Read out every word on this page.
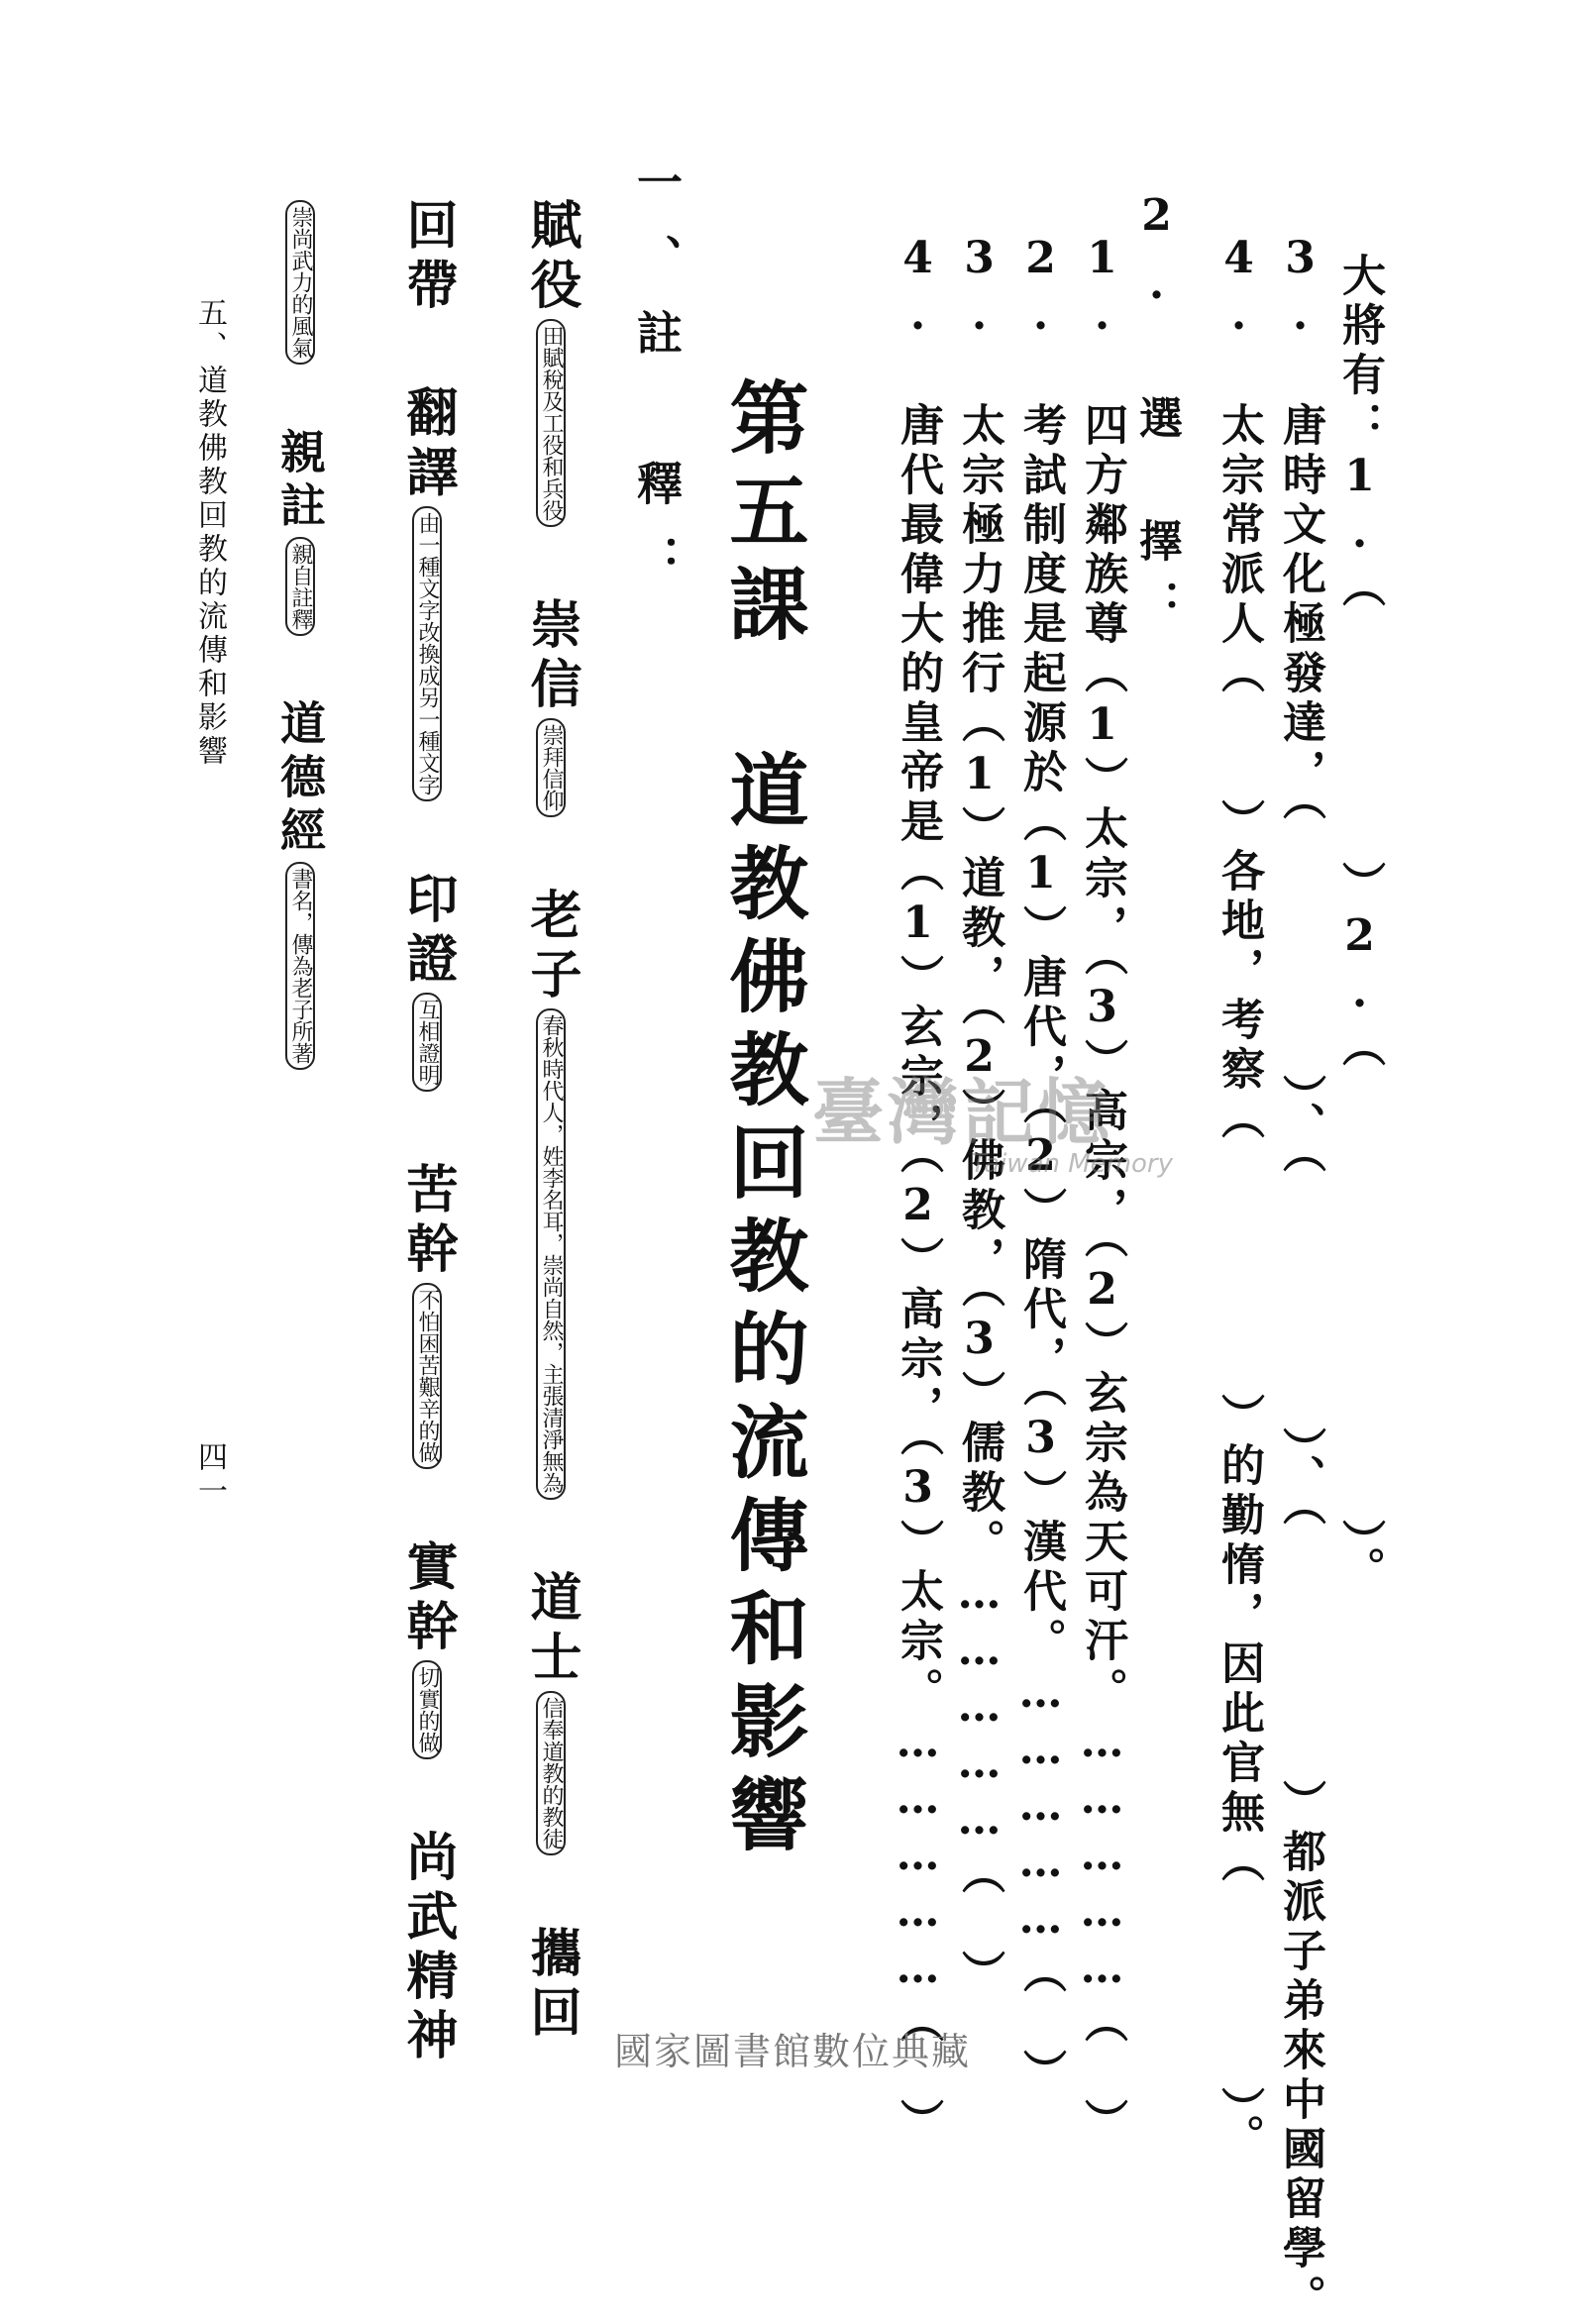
3. 唐時文化極發達，（　　　　　）、（　　　　　）、（　　　　　）都派子弟來中國留學。 大將有：1.（　　　　　）2.（　　　　　　　　　）。
4. 太宗常派人（　　）各地，考察（　　　　　）的勤惰，因此官無（　　　　）。
2. 選　擇：
1. 四方鄰族尊（1）太宗，（3）高宗，（2）玄宗為天可汗。……………（　）
2. 考試制度是起源於（1）唐代，（2）隋代，（3）漢代。……………（　）
3. 太宗極力推行（1）道教，（2）佛教，（3）儒教。……………（　）
4. 唐代最偉大的皇帝是（1）玄宗，（2）高宗，（3）太宗。……………（　）
第五課　道教佛教回教的流傳和影響
一、註　釋：
賦役田賦稅及工役和兵役 崇信崇拜信仰 老子春秋時代人，姓李名耳，崇尚自然，主張清淨無為 道士信奉道教的教徒 攜回
回帶 翻譯由一種文字改換成另一種文字 印證互相證明 苦幹不怕困苦艱辛的做 實幹切實的做 尚武精神
崇尚武力的風氣 親註親自註釋 道德經書名，傳為老子所著
五、道教佛教回教的流傳和影響
四一
臺灣記憶
Taiwan Memory
國家圖書館數位典藏
